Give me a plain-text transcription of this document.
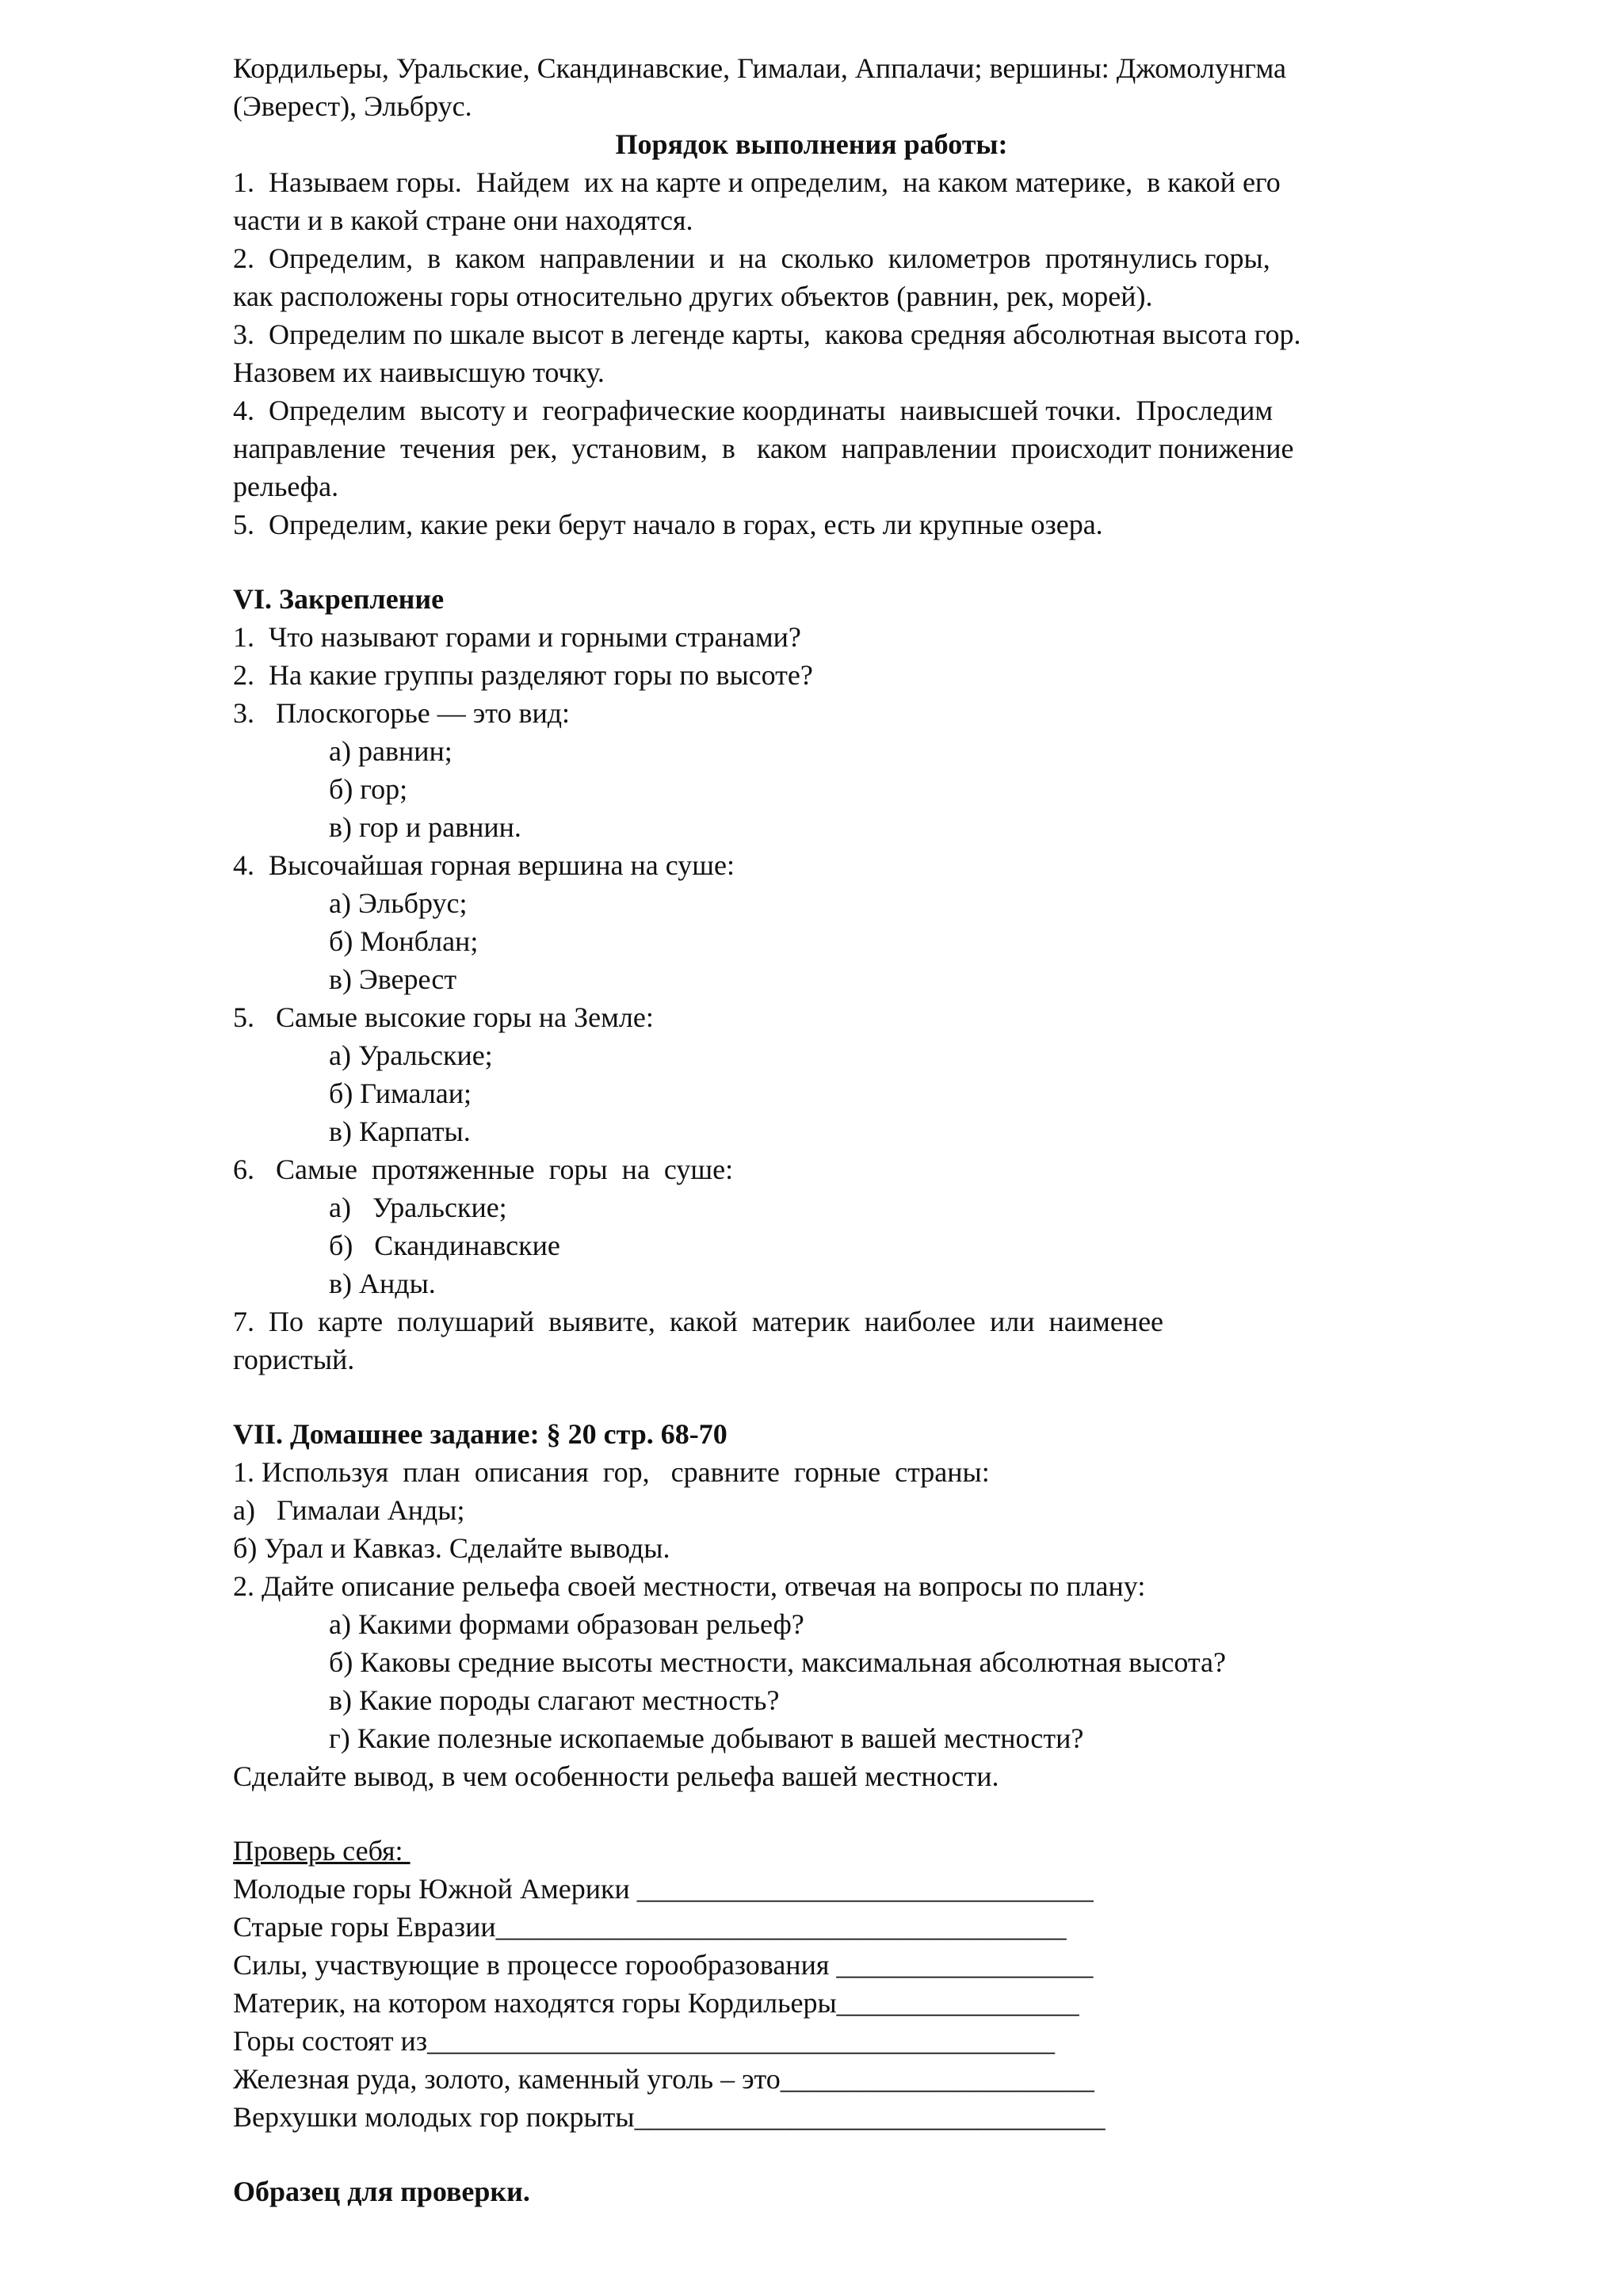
Кордильеры, Уральские, Скандинавские, Гималаи, Аппалачи; вершины: Джомолунгма

(Эверест), Эльбрус.

Порядок выполнения работы:

1.  Называем горы.  Найдем  их на карте и определим,  на каком материке,  в какой его

части и в какой стране они находятся.

2.  Определим,  в  каком  направлении  и  на  сколько  километров  протянулись горы,

как расположены горы относительно других объектов (равнин, рек, морей).

3.  Определим по шкале высот в легенде карты,  какова средняя абсолютная высота гор.

Назовем их наивысшую точку.

4.  Определим  высоту и  географические координаты  наивысшей точки.  Проследим

направление  течения  рек,  установим,  в   каком  направлении  происходит понижение

рельефа.

5.  Определим, какие реки берут начало в горах, есть ли крупные озера.

VI. Закрепление

1.  Что называют горами и горными странами?

2.  На какие группы разделяют горы по высоте?

3.   Плоскогорье — это вид:

а) равнин;

б) гор;

в) гор и равнин.

4.  Высочайшая горная вершина на суше:

а) Эльбрус;

б) Монблан;

в) Эверест

5.   Самые высокие горы на Земле:

а) Уральские;

б) Гималаи;

в) Карпаты.

6.   Самые  протяженные  горы  на  суше:

а)   Уральские;

б)   Скандинавские

в) Анды.

7.  По  карте  полушарий  выявите,  какой  материк  наиболее  или  наименее

гористый.

VII. Домашнее задание: § 20 стр. 68-70

1. Используя  план  описания  гор,   сравните  горные  страны:

а)   Гималаи Анды;

б) Урал и Кавказ. Сделайте выводы.

2. Дайте описание рельефа своей местности, отвечая на вопросы по плану:

а) Какими формами образован рельеф?

б) Каковы средние высоты местности, максимальная абсолютная высота?

в) Какие породы слагают местность?

г) Какие полезные ископаемые добывают в вашей местности?

Сделайте вывод, в чем особенности рельефа вашей местности.

Проверь себя:

Молодые горы Южной Америки ________________________________

Старые горы Евразии________________________________________

Силы, участвующие в процессе горообразования __________________

Материк, на котором находятся горы Кордильеры_________________

Горы состоят из____________________________________________

Железная руда, золото, каменный уголь – это______________________

Верхушки молодых гор покрыты_________________________________

Образец для проверки.
